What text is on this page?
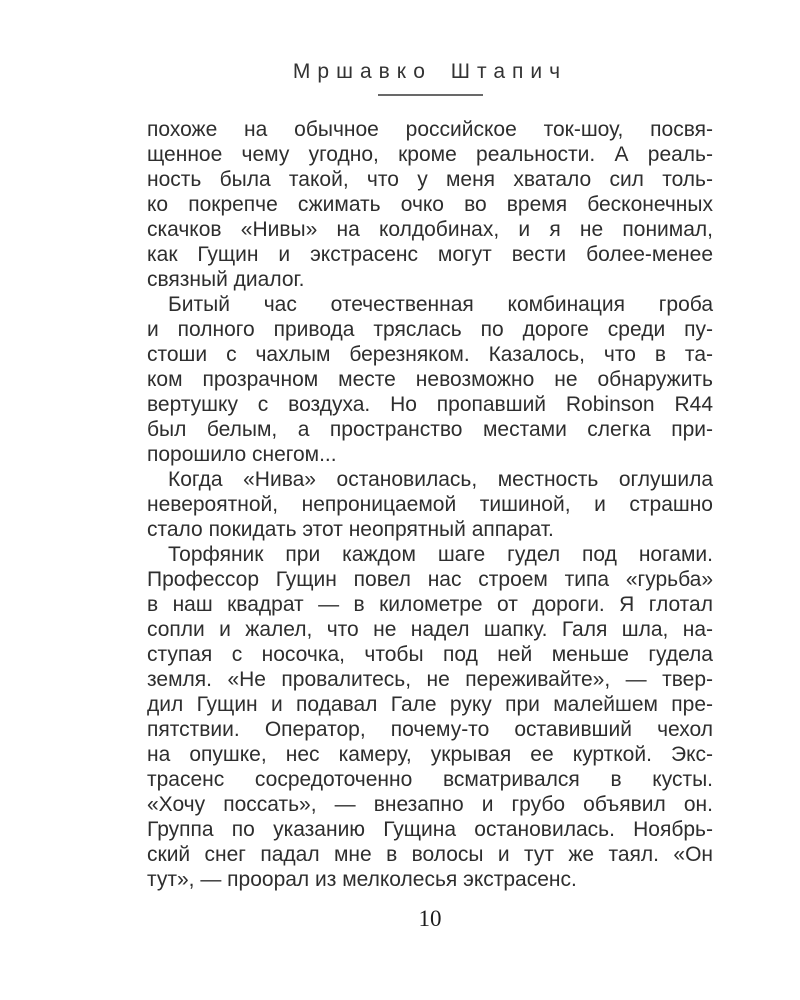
Мршавко Штапич
похоже на обычное российское ток-шоу, посвя-
щенное чему угодно, кроме реальности. А реаль-
ность была такой, что у меня хватало сил толь-
ко покрепче сжимать очко во время бесконечных
скачков «Нивы» на колдобинах, и я не понимал,
как Гущин и экстрасенс могут вести более-менее
связный диалог.
Битый час отечественная комбинация гроба
и полного привода тряслась по дороге среди пу-
стоши с чахлым березняком. Казалось, что в та-
ком прозрачном месте невозможно не обнаружить
вертушку с воздуха. Но пропавший Robinson R44
был белым, а пространство местами слегка при-
порошило снегом...
Когда «Нива» остановилась, местность оглушила
невероятной, непроницаемой тишиной, и страшно
стало покидать этот неопрятный аппарат.
Торфяник при каждом шаге гудел под ногами.
Профессор Гущин повел нас строем типа «гурьба»
в наш квадрат — в километре от дороги. Я глотал
сопли и жалел, что не надел шапку. Галя шла, на-
ступая с носочка, чтобы под ней меньше гудела
земля. «Не провалитесь, не переживайте», — твер-
дил Гущин и подавал Гале руку при малейшем пре-
пятствии. Оператор, почему-то оставивший чехол
на опушке, нес камеру, укрывая ее курткой. Экс-
трасенс сосредоточенно всматривался в кусты.
«Хочу поссать», — внезапно и грубо объявил он.
Группа по указанию Гущина остановилась. Ноябрь-
ский снег падал мне в волосы и тут же таял. «Он
тут», — проорал из мелколесья экстрасенс.
10
